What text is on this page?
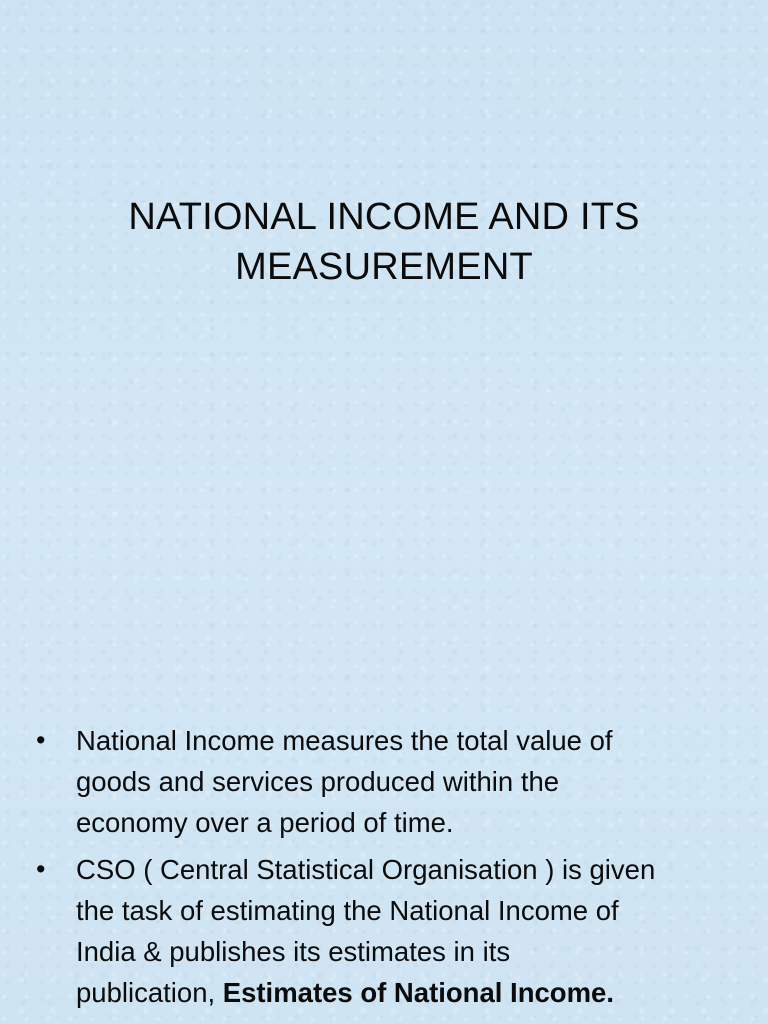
NATIONAL INCOME AND ITS
MEASUREMENT
• National Income measures the total value of
goods and services produced within the
economy over a period of time.
• CSO ( Central Statistical Organisation ) is given
the task of estimating the National Income of
India & publishes its estimates in its
publication, Estimates of National Income.
